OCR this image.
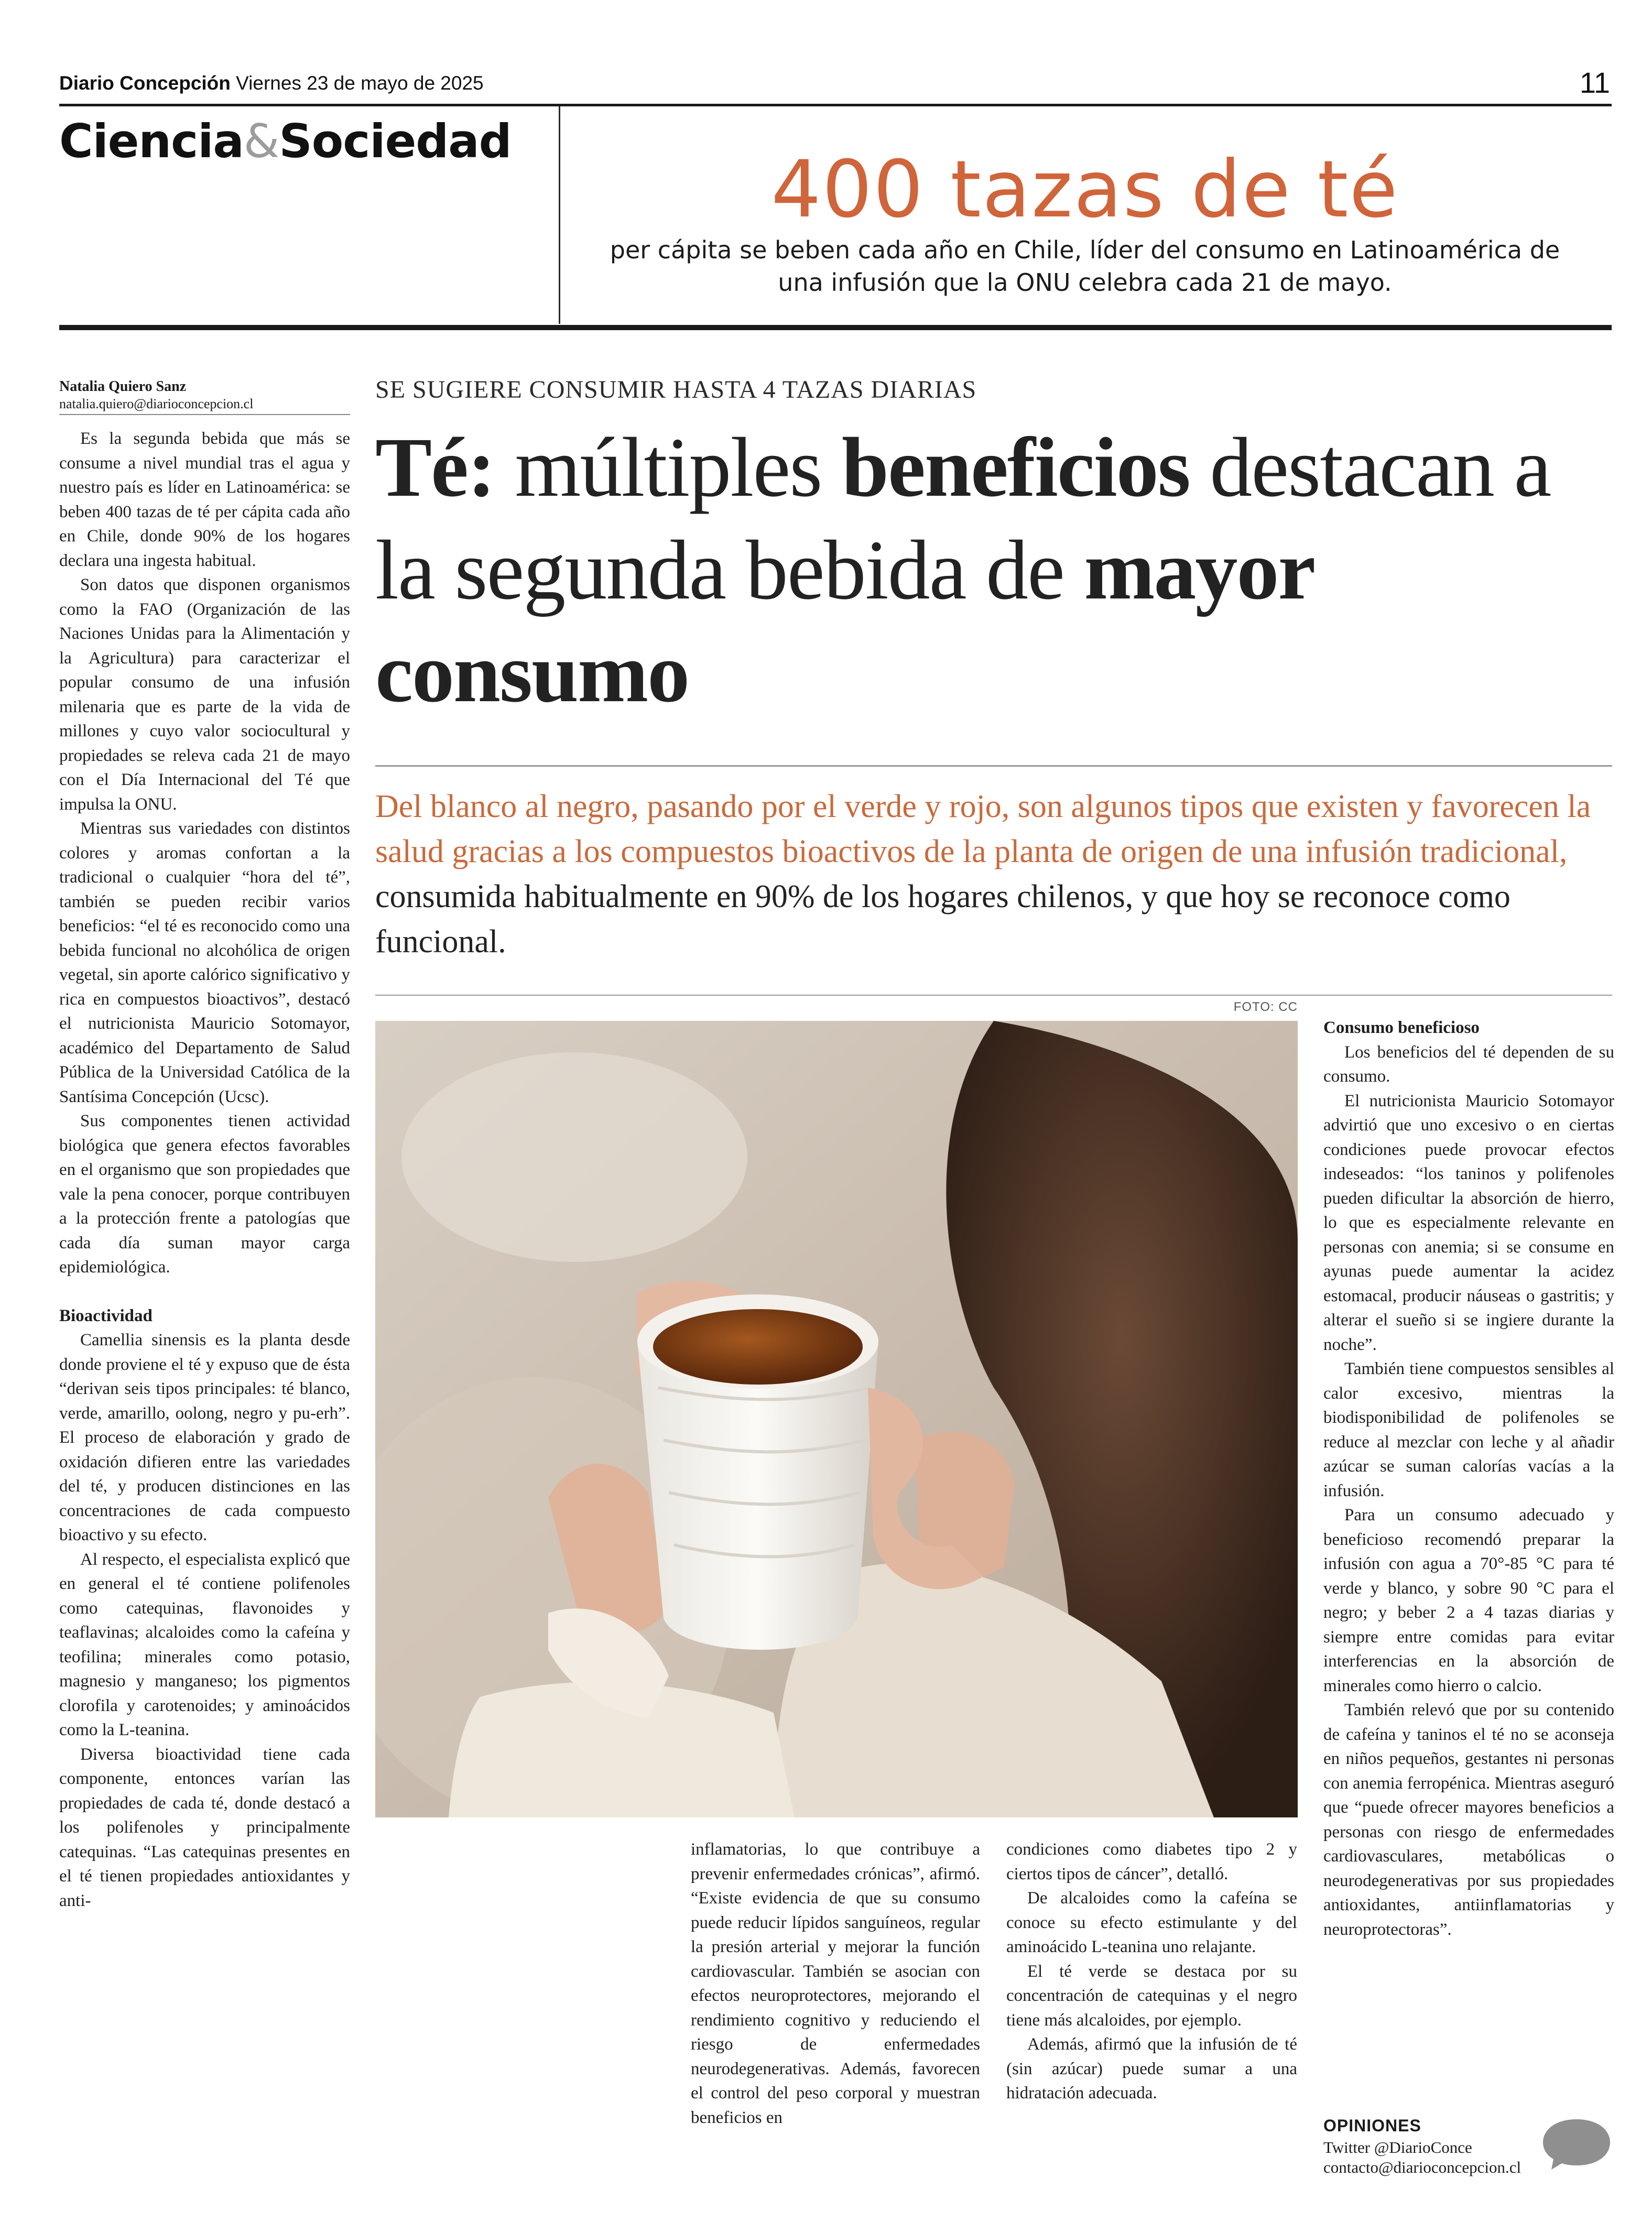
Diario Concepción Viernes 23 de mayo de 2025	11
Ciencia&Sociedad
400 tazas de té
per cápita se beben cada año en Chile, líder del consumo en Latinoamérica de una infusión que la ONU celebra cada 21 de mayo.
Natalia Quiero Sanz
natalia.quiero@diarioconcepcion.cl
SE SUGIERE CONSUMIR HASTA 4 TAZAS DIARIAS
Té: múltiples beneficios destacan a la segunda bebida de mayor consumo
Del blanco al negro, pasando por el verde y rojo, son algunos tipos que existen y favorecen la salud gracias a los compuestos bioactivos de la planta de origen de una infusión tradicional, consumida habitualmente en 90% de los hogares chilenos, y que hoy se reconoce como funcional.

Es la segunda bebida que más se consume a nivel mundial tras el agua y nuestro país es líder en Latinoamérica: se beben 400 tazas de té per cápita cada año en Chile, donde 90% de los hogares declara una ingesta habitual.

Son datos que disponen organismos como la FAO (Organización de las Naciones Unidas para la Alimentación y la Agricultura) para caracterizar el popular consumo de una infusión milenaria que es parte de la vida de millones y cuyo valor sociocultural y propiedades se releva cada 21 de mayo con el Día Internacional del Té que impulsa la ONU.

Mientras sus variedades con distintos colores y aromas confortan a la tradicional o cualquier “hora del té”, también se pueden recibir varios beneficios: “el té es reconocido como una bebida funcional no alcohólica de origen vegetal, sin aporte calórico significativo y rica en compuestos bioactivos”, destacó el nutricionista Mauricio Sotomayor, académico del Departamento de Salud Pública de la Universidad Católica de la Santísima Concepción (Ucsc).

Sus componentes tienen actividad biológica que genera efectos favorables en el organismo que son propiedades que vale la pena conocer, porque contribuyen a la protección frente a patologías que cada día suman mayor carga epidemiológica.

Bioactividad

Camellia sinensis es la planta desde donde proviene el té y expuso que de ésta “derivan seis tipos principales: té blanco, verde, amarillo, oolong, negro y pu-erh”. El proceso de elaboración y grado de oxidación difieren entre las variedades del té, y producen distinciones en las concentraciones de cada compuesto bioactivo y su efecto.

Al respecto, el especialista explicó que en general el té contiene polifenoles como catequinas, flavonoides y teaflavinas; alcaloides como la cafeína y teofilina; minerales como potasio, magnesio y manganeso; los pigmentos clorofila y carotenoides; y aminoácidos como la L-teanina.

Diversa bioactividad tiene cada componente, entonces varían las propiedades de cada té, donde destacó a los polifenoles y principalmente catequinas. “Las catequinas presentes en el té tienen propiedades antioxidantes y anti-

FOTO: CC

inflamatorias, lo que contribuye a prevenir enfermedades crónicas”, afirmó. “Existe evidencia de que su consumo puede reducir lípidos sanguíneos, regular la presión arterial y mejorar la función cardiovascular. También se asocian con efectos neuroprotectores, mejorando el rendimiento cognitivo y reduciendo el riesgo de enfermedades neurodegenerativas. Además, favorecen el control del peso corporal y muestran beneficios en

condiciones como diabetes tipo 2 y ciertos tipos de cáncer”, detalló.

De alcaloides como la cafeína se conoce su efecto estimulante y del aminoácido L-teanina uno relajante.

El té verde se destaca por su concentración de catequinas y el negro tiene más alcaloides, por ejemplo.

Además, afirmó que la infusión de té (sin azúcar) puede sumar a una hidratación adecuada.

Consumo beneficioso

Los beneficios del té dependen de su consumo.

El nutricionista Mauricio Sotomayor advirtió que uno excesivo o en ciertas condiciones puede provocar efectos indeseados: “los taninos y polifenoles pueden dificultar la absorción de hierro, lo que es especialmente relevante en personas con anemia; si se consume en ayunas puede aumentar la acidez estomacal, producir náuseas o gastritis; y alterar el sueño si se ingiere durante la noche”.

También tiene compuestos sensibles al calor excesivo, mientras la biodisponibilidad de polifenoles se reduce al mezclar con leche y al añadir azúcar se suman calorías vacías a la infusión.

Para un consumo adecuado y beneficioso recomendó preparar la infusión con agua a 70°-85 °C para té verde y blanco, y sobre 90 °C para el negro; y beber 2 a 4 tazas diarias y siempre entre comidas para evitar interferencias en la absorción de minerales como hierro o calcio.

También relevó que por su contenido de cafeína y taninos el té no se aconseja en niños pequeños, gestantes ni personas con anemia ferropénica. Mientras aseguró que “puede ofrecer mayores beneficios a personas con riesgo de enfermedades cardiovasculares, metabólicas o neurodegenerativas por sus propiedades antioxidantes, antiinflamatorias y neuroprotectoras”.

OPINIONES
Twitter @DiarioConce
contacto@diarioconcepcion.cl
